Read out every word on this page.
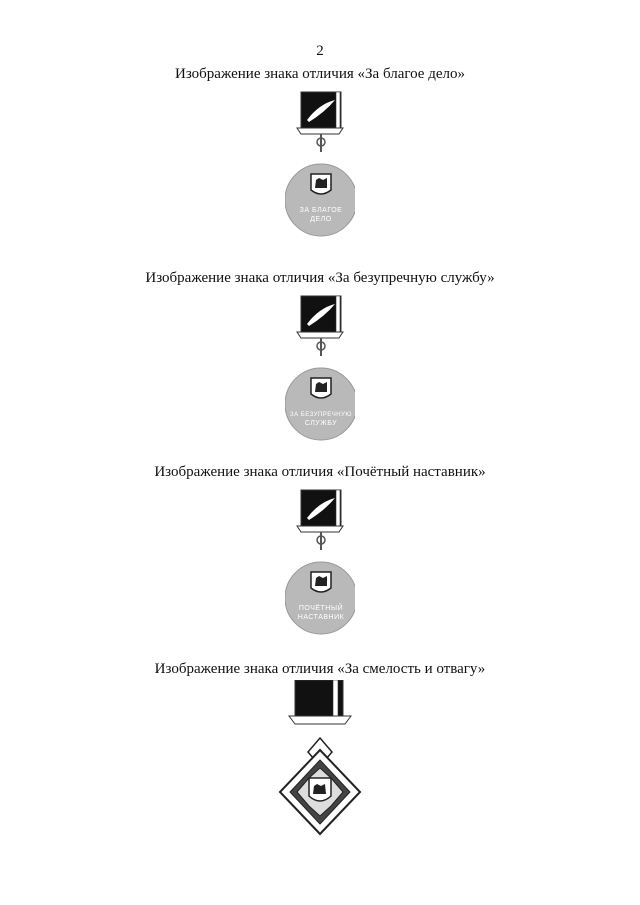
2
Изображение знака отличия «За благое дело»
ЗА БЛАГОЕ
ДЕЛО
Изображение знака отличия «За безупречную службу»
ЗА БЕЗУПРЕЧНУЮ
СЛУЖБУ
Изображение знака отличия «Почётный наставник»
ПОЧЁТНЫЙ
НАСТАВНИК
Изображение знака отличия «За смелость и отвагу»
